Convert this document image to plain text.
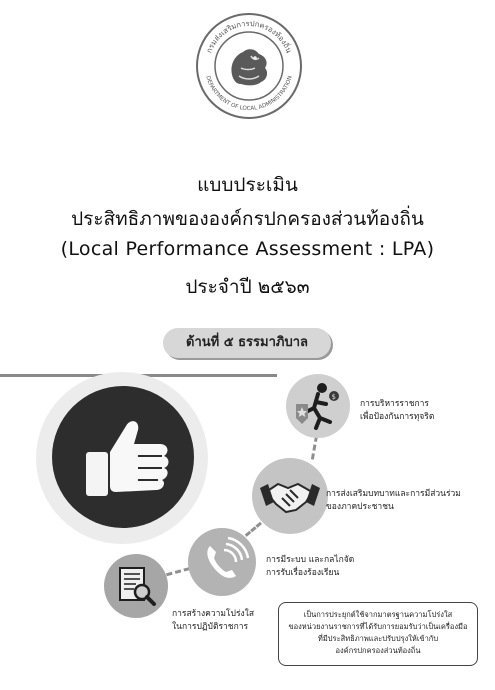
กรมส่งเสริมการปกครองท้องถิ่น
DEPARTMENT OF LOCAL ADMINISTRATION
แบบประเมิน
ประสิทธิภาพขององค์กรปกครองส่วนท้องถิ่น
(Local Performance Assessment : LPA)
ประจำปี ๒๕๖๓
ด้านที่ ๕ ธรรมาภิบาล
$
การบริหารราชการ
เพื่อป้องกันการทุจริต
การส่งเสริมบทบาทและการมีส่วนร่วม
ของภาคประชาชน
การมีระบบ และกลไกจัด
การรับเรื่องร้องเรียน
การสร้างความโปร่งใส
ในการปฏิบัติราชการ
เป็นการประยุกต์ใช้จากมาตรฐานความโปร่งใส
ของหน่วยงานราชการที่ได้รับการยอมรับว่าเป็นเครื่องมือ
ที่มีประสิทธิภาพและปรับปรุงให้เข้ากับ
องค์กรปกครองส่วนท้องถิ่น
